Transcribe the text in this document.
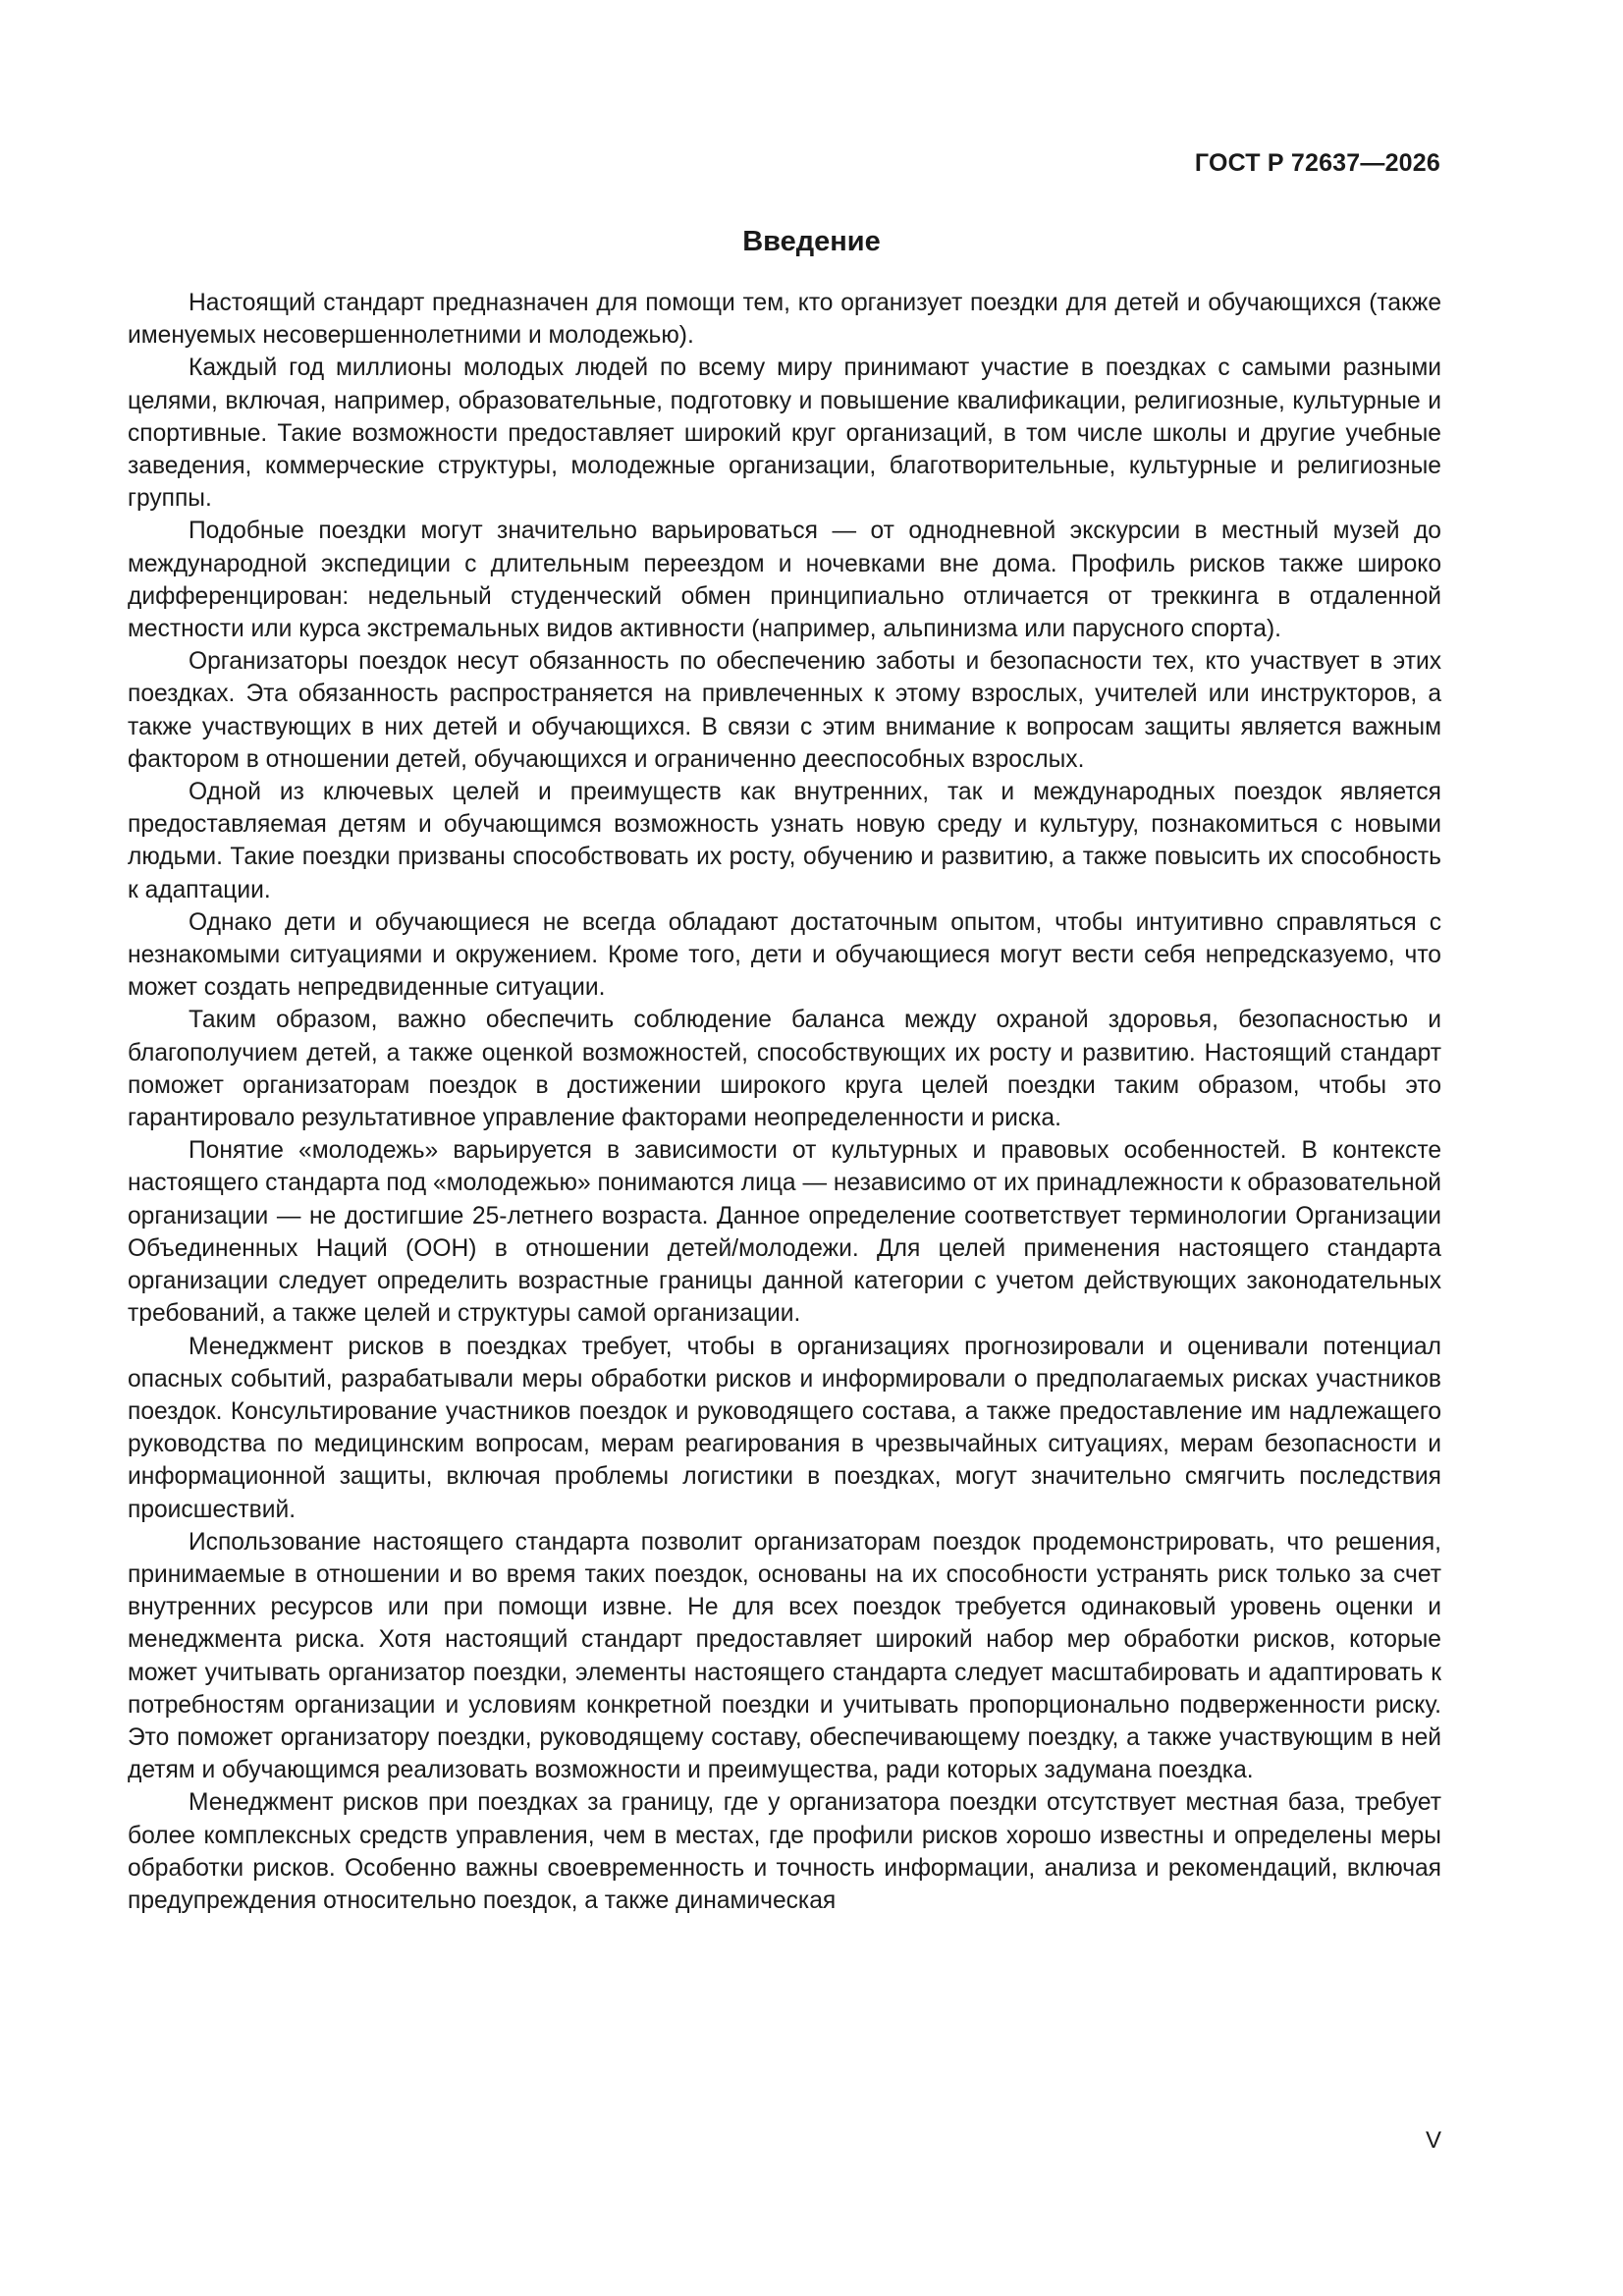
ГОСТ Р 72637—2026
Введение

Настоящий стандарт предназначен для помощи тем, кто организует поездки для детей и обучающихся (также именуемых несовершеннолетними и молодежью).

Каждый год миллионы молодых людей по всему миру принимают участие в поездках с самыми разными целями, включая, например, образовательные, подготовку и повышение квалификации, религиозные, культурные и спортивные. Такие возможности предоставляет широкий круг организаций, в том числе школы и другие учебные заведения, коммерческие структуры, молодежные организации, благотворительные, культурные и религиозные группы.

Подобные поездки могут значительно варьироваться — от однодневной экскурсии в местный музей до международной экспедиции с длительным переездом и ночевками вне дома. Профиль рисков также широко дифференцирован: недельный студенческий обмен принципиально отличается от треккинга в отдаленной местности или курса экстремальных видов активности (например, альпинизма или парусного спорта).

Организаторы поездок несут обязанность по обеспечению заботы и безопасности тех, кто участвует в этих поездках. Эта обязанность распространяется на привлеченных к этому взрослых, учителей или инструкторов, а также участвующих в них детей и обучающихся. В связи с этим внимание к вопросам защиты является важным фактором в отношении детей, обучающихся и ограниченно дееспособных взрослых.

Одной из ключевых целей и преимуществ как внутренних, так и международных поездок является предоставляемая детям и обучающимся возможность узнать новую среду и культуру, познакомиться с новыми людьми. Такие поездки призваны способствовать их росту, обучению и развитию, а также повысить их способность к адаптации.

Однако дети и обучающиеся не всегда обладают достаточным опытом, чтобы интуитивно справляться с незнакомыми ситуациями и окружением. Кроме того, дети и обучающиеся могут вести себя непредсказуемо, что может создать непредвиденные ситуации.

Таким образом, важно обеспечить соблюдение баланса между охраной здоровья, безопасностью и благополучием детей, а также оценкой возможностей, способствующих их росту и развитию. Настоящий стандарт поможет организаторам поездок в достижении широкого круга целей поездки таким образом, чтобы это гарантировало результативное управление факторами неопределенности и риска.

Понятие «молодежь» варьируется в зависимости от культурных и правовых особенностей. В контексте настоящего стандарта под «молодежью» понимаются лица — независимо от их принадлежности к образовательной организации — не достигшие 25-летнего возраста. Данное определение соответствует терминологии Организации Объединенных Наций (ООН) в отношении детей/молодежи. Для целей применения настоящего стандарта организации следует определить возрастные границы данной категории с учетом действующих законодательных требований, а также целей и структуры самой организации.

Менеджмент рисков в поездках требует, чтобы в организациях прогнозировали и оценивали потенциал опасных событий, разрабатывали меры обработки рисков и информировали о предполагаемых рисках участников поездок. Консультирование участников поездок и руководящего состава, а также предоставление им надлежащего руководства по медицинским вопросам, мерам реагирования в чрезвычайных ситуациях, мерам безопасности и информационной защиты, включая проблемы логистики в поездках, могут значительно смягчить последствия происшествий.

Использование настоящего стандарта позволит организаторам поездок продемонстрировать, что решения, принимаемые в отношении и во время таких поездок, основаны на их способности устранять риск только за счет внутренних ресурсов или при помощи извне. Не для всех поездок требуется одинаковый уровень оценки и менеджмента риска. Хотя настоящий стандарт предоставляет широкий набор мер обработки рисков, которые может учитывать организатор поездки, элементы настоящего стандарта следует масштабировать и адаптировать к потребностям организации и условиям конкретной поездки и учитывать пропорционально подверженности риску. Это поможет организатору поездки, руководящему составу, обеспечивающему поездку, а также участвующим в ней детям и обучающимся реализовать возможности и преимущества, ради которых задумана поездка.

Менеджмент рисков при поездках за границу, где у организатора поездки отсутствует местная база, требует более комплексных средств управления, чем в местах, где профили рисков хорошо известны и определены меры обработки рисков. Особенно важны своевременность и точность информации, анализа и рекомендаций, включая предупреждения относительно поездок, а также динамическая

V
